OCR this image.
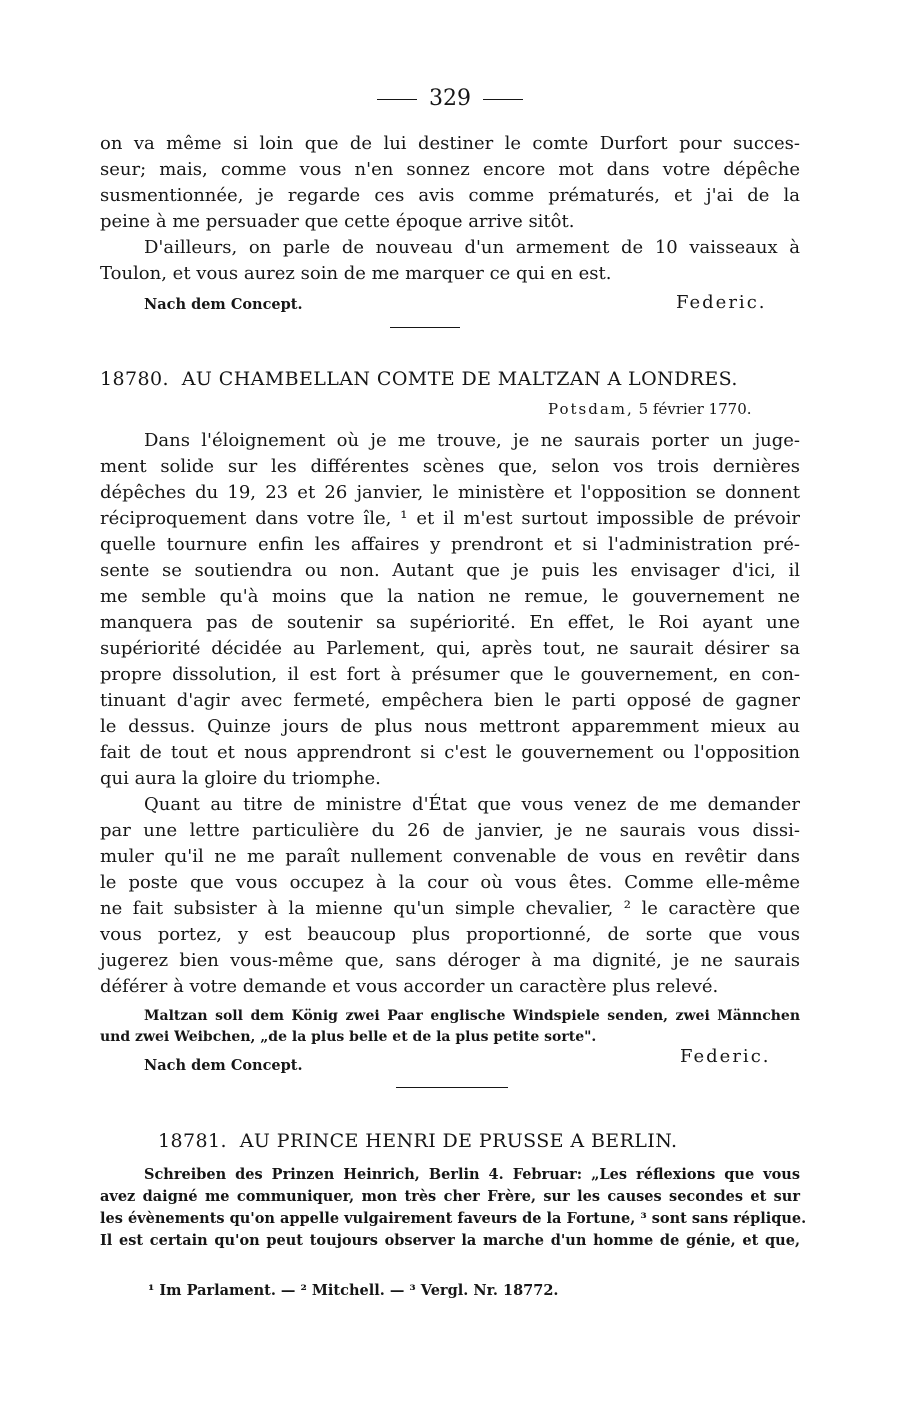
329
on va même si loin que de lui destiner le comte Durfort pour succes-
seur; mais, comme vous n'en sonnez encore mot dans votre dépêche
susmentionnée, je regarde ces avis comme prématurés, et j'ai de la
peine à me persuader que cette époque arrive sitôt.
D'ailleurs, on parle de nouveau d'un armement de 10 vaisseaux à
Toulon, et vous aurez soin de me marquer ce qui en est.
Nach dem Concept.	Federic.
18780. AU CHAMBELLAN COMTE DE MALTZAN A LONDRES.
Potsdam, 5 février 1770.
Dans l'éloignement où je me trouve, je ne saurais porter un juge-
ment solide sur les différentes scènes que, selon vos trois dernières
dépêches du 19, 23 et 26 janvier, le ministère et l'opposition se donnent
réciproquement dans votre île, ¹ et il m'est surtout impossible de prévoir
quelle tournure enfin les affaires y prendront et si l'administration pré-
sente se soutiendra ou non. Autant que je puis les envisager d'ici, il
me semble qu'à moins que la nation ne remue, le gouvernement ne
manquera pas de soutenir sa supériorité. En effet, le Roi ayant une
supériorité décidée au Parlement, qui, après tout, ne saurait désirer sa
propre dissolution, il est fort à présumer que le gouvernement, en con-
tinuant d'agir avec fermeté, empêchera bien le parti opposé de gagner
le dessus. Quinze jours de plus nous mettront apparemment mieux au
fait de tout et nous apprendront si c'est le gouvernement ou l'opposition
qui aura la gloire du triomphe.
Quant au titre de ministre d'État que vous venez de me demander
par une lettre particulière du 26 de janvier, je ne saurais vous dissi-
muler qu'il ne me paraît nullement convenable de vous en revêtir dans
le poste que vous occupez à la cour où vous êtes. Comme elle-même
ne fait subsister à la mienne qu'un simple chevalier, ² le caractère que
vous portez, y est beaucoup plus proportionné, de sorte que vous
jugerez bien vous-même que, sans déroger à ma dignité, je ne saurais
déférer à votre demande et vous accorder un caractère plus relevé.
Maltzan soll dem König zwei Paar englische Windspiele senden, zwei Männchen
und zwei Weibchen, „de la plus belle et de la plus petite sorte".
Nach dem Concept.	Federic.
18781. AU PRINCE HENRI DE PRUSSE A BERLIN.
Schreiben des Prinzen Heinrich, Berlin 4. Februar: „Les réflexions que vous
avez daigné me communiquer, mon très cher Frère, sur les causes secondes et sur
les évènements qu'on appelle vulgairement faveurs de la Fortune, ³ sont sans réplique.
Il est certain qu'on peut toujours observer la marche d'un homme de génie, et que,
¹ Im Parlament. — ² Mitchell. — ³ Vergl. Nr. 18772.
